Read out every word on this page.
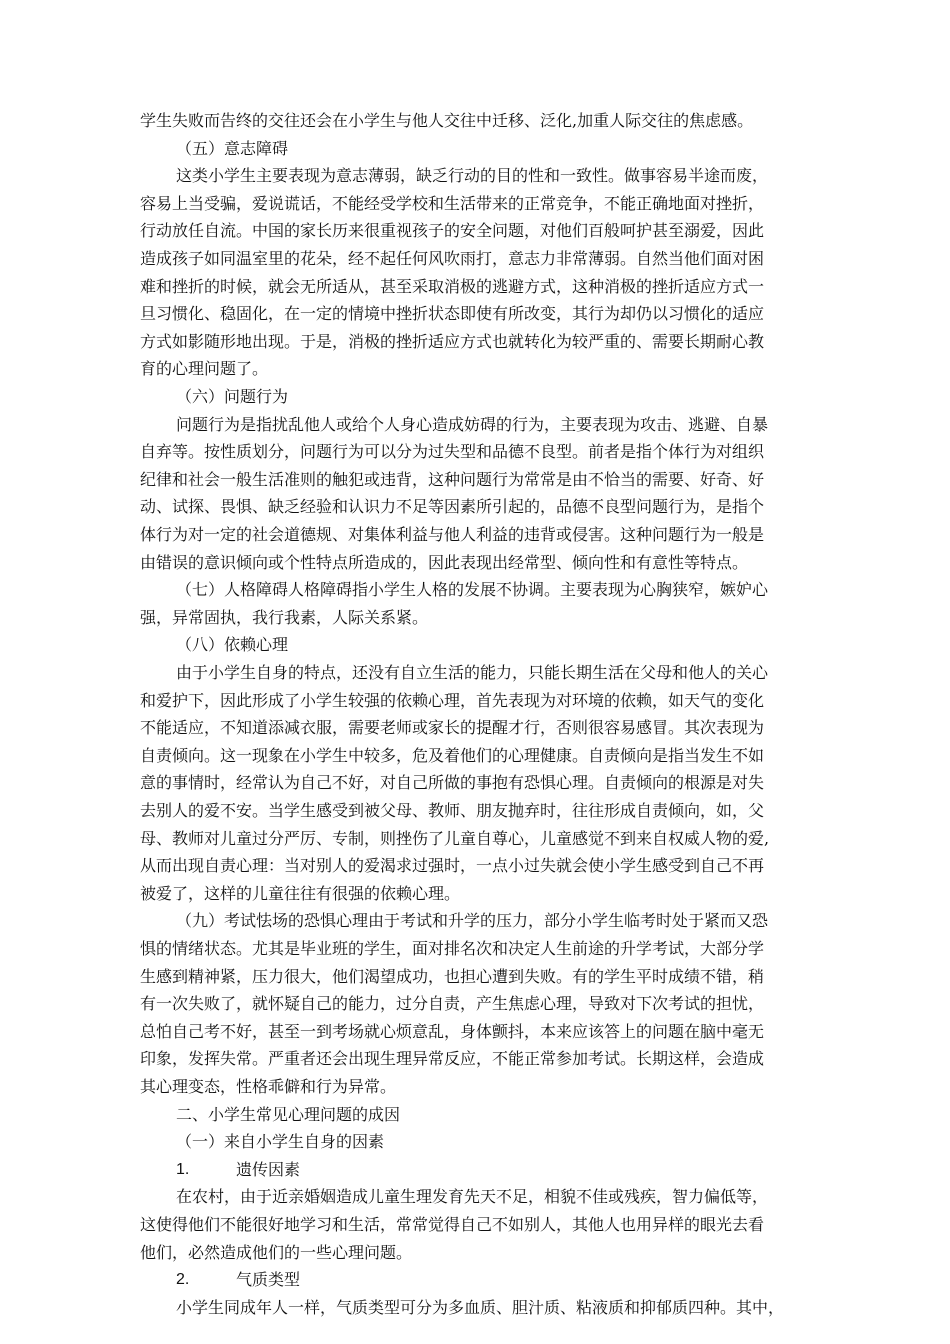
学生失败而告终的交往还会在小学生与他人交往中迁移、泛化,加重人际交往的焦虑感。
（五）意志障碍
这类小学生主要表现为意志薄弱，缺乏行动的目的性和一致性。做事容易半途而废，
容易上当受骗，爱说谎话，不能经受学校和生活带来的正常竞争，不能正确地面对挫折，
行动放任自流。中国的家长历来很重视孩子的安全问题，对他们百般呵护甚至溺爱，因此
造成孩子如同温室里的花朵，经不起任何风吹雨打，意志力非常薄弱。自然当他们面对困
难和挫折的时候，就会无所适从，甚至采取消极的逃避方式，这种消极的挫折适应方式一
旦习惯化、稳固化，在一定的情境中挫折状态即使有所改变，其行为却仍以习惯化的适应
方式如影随形地出现。于是，消极的挫折适应方式也就转化为较严重的、需要长期耐心教
育的心理问题了。
（六）问题行为
问题行为是指扰乱他人或给个人身心造成妨碍的行为，主要表现为攻击、逃避、自暴
自弃等。按性质划分，问题行为可以分为过失型和品德不良型。前者是指个体行为对组织
纪律和社会一般生活准则的触犯或违背，这种问题行为常常是由不恰当的需要、好奇、好
动、试探、畏惧、缺乏经验和认识力不足等因素所引起的，品德不良型问题行为，是指个
体行为对一定的社会道德规、对集体利益与他人利益的违背或侵害。这种问题行为一般是
由错误的意识倾向或个性特点所造成的，因此表现出经常型、倾向性和有意性等特点。
（七）人格障碍人格障碍指小学生人格的发展不协调。主要表现为心胸狭窄，嫉妒心
强，异常固执，我行我素，人际关系紧。
（八）依赖心理
由于小学生自身的特点，还没有自立生活的能力，只能长期生活在父母和他人的关心
和爱护下，因此形成了小学生较强的依赖心理，首先表现为对环境的依赖，如天气的变化
不能适应，不知道添减衣服，需要老师或家长的提醒才行，否则很容易感冒。其次表现为
自责倾向。这一现象在小学生中较多，危及着他们的心理健康。自责倾向是指当发生不如
意的事情时，经常认为自己不好，对自己所做的事抱有恐惧心理。自责倾向的根源是对失
去别人的爱不安。当学生感受到被父母、教师、朋友抛弃时，往往形成自责倾向，如，父
母、教师对儿童过分严厉、专制，则挫伤了儿童自尊心，儿童感觉不到来自权威人物的爱,
从而出现自责心理：当对别人的爱渴求过强时，一点小过失就会使小学生感受到自己不再
被爱了，这样的儿童往往有很强的依赖心理。
（九）考试怯场的恐惧心理由于考试和升学的压力，部分小学生临考时处于紧而又恐
惧的情绪状态。尤其是毕业班的学生，面对排名次和决定人生前途的升学考试，大部分学
生感到精神紧，压力很大，他们渴望成功，也担心遭到失败。有的学生平时成绩不错，稍
有一次失败了，就怀疑自己的能力，过分自责，产生焦虑心理，导致对下次考试的担忧，
总怕自己考不好，甚至一到考场就心烦意乱，身体颤抖，本来应该答上的问题在脑中毫无
印象，发挥失常。严重者还会出现生理异常反应，不能正常参加考试。长期这样，会造成
其心理变态，性格乖僻和行为异常。
二、小学生常见心理问题的成因
（一）来自小学生自身的因素
1.	遗传因素
在农村，由于近亲婚姻造成儿童生理发育先天不足，相貌不佳或残疾，智力偏低等，
这使得他们不能很好地学习和生活，常常觉得自己不如别人，其他人也用异样的眼光去看
他们，必然造成他们的一些心理问题。
2.	气质类型
小学生同成年人一样，气质类型可分为多血质、胆汁质、粘液质和抑郁质四种。其中，
